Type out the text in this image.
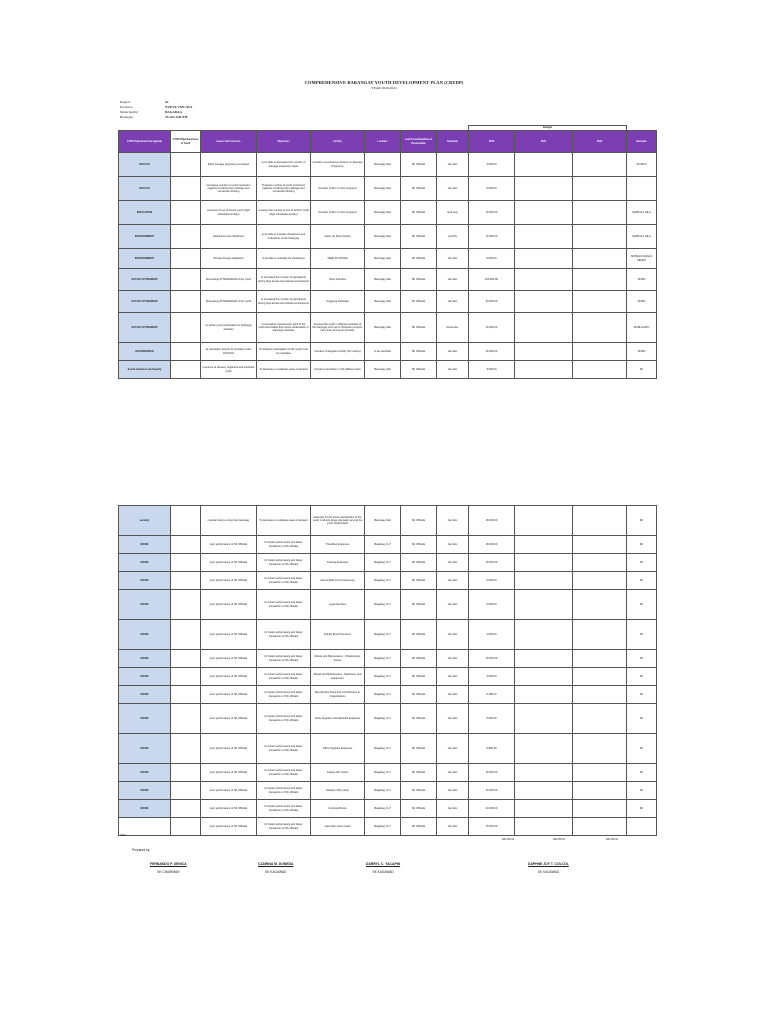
COMPREHENSIVE BARANGAY YOUTH DEVELOPMENT PLAN (CBYDP)
YEAR 2020-2022
Region:	02
Province:	NUEVA VIZCAYA
Municipality:	BAGABAG
Barangay:	TUAO SOUTH
								Budget			
CYDP Objectives/Area Agenda	CYDP Objectives/Area of Youth	Issues and Concerns	Objectives	Activity	Location	Lead Committee/Person Responsible	Schedule	2020	2021	2022	Remarks
HEALTH		Early teenage pregnancy increased	to be able to decreased the number of teenage pregnancy cases	Conduct a seminar/symposium on Teenage Pregnancy	Barangay Hall	SK Officials	Jan-Dec	3,000.00	3,000.00	3,000.00	SK/DOH
HEALTH		increasing number of youth involved in cigarette smoking and underage and vernacular drinking	To lessen number of youth involved in cigarette smoking and underage and vernacular drinking	Conduct of IEC on IGO programs	Barangay Hall	SK Officials	Jan-Dec	5,000.00	5,000.00	5,000.00	

EDUCATION		presence of out of school youth (high school/elementary)	to lessen the number of Out of School Youth (high school/elementary)	Conduct of IEC on ALS programs	Barangay Hall	SK Officials	april-may	15,000.00	15,000.00	15,000.00	SK/BLGU/ DILG
ENVIRONMENT		cleanliness and orderliness	to be able to maintain cleanliness and orderliness of the barangay	Clean Up Drive Activity	Barangay Hall	SK Officials	monthly	12,000.00	12,000.00	12,000.00	SK/BLGU/ DILG
ENVIRONMENT		climate change adaptation	to be able to maintain the cleanliness	TREE PLANTING	Barangay Hall	SK Officials	Jan-Dec	5,000.00	5,000.00	5,000.00	SK/BLGU/ ENGLS CENRO
ACTIVE CITIZENSHIP		Decreasing ATTENDANCE of the youth	to increased the number of participants during tripa actual and cultural events/sports	Sport Activities	Barangay Hall	SK Officials	Jan-Dec	200,000.00	200,000.00	200,000.00	SK/BO
ACTIVE CITIZENSHIP		Decreasing ATTENDANCE of the youth	to increased the number of participants during tripa actual and cultural events/sports	Linggoing Kabataan	Barangay Hall	SK Officials	Jan-Dec	30,000.00	30,000.00	30,000.00	SK/BO
ACTIVE CITIZENSHIP		no active youth participation in barangay activities	to strengthen volunteerism spirit of the youth and enable their active participation in barangay activities	Involved the youth in different activities of the barangay such as in christmas program, tuloy-tuloy and sport activities	Barangay Hall	SK Officials	December	40,000.00	40,000.00	40,000.00	SK/BLGU/DO
GOVERNANCE		sk mandatory activity as provided under RA10742	To enhance participation of the youth in all its mandates	Conduct of Regular monthly SK meeting	to be specified	SK Officials	Jan-Dec	20,000.00	20,000.00	20,000.00	SK/BO
Social Inclusion and Equity		presence of abused, neglected and exploited youth	To decrease or eradicate cases of abused	Conduct orientation on the different laws	Barangay Hall	SK Officials	Jan-Dec	9,000.00	9,000.00	9,000.00	SK
security		maintain being a drug free barangay	To decrease or eradicate cases of abused	advocate for the active participation of the youth in all anti-drugs campaign among the youth organization	Barangay Hall	SK Officials	Jan-Dec	18,000.00	18,000.00	18,000.00	SK
MOOE		poor performance of SK Officials	for better performance and faster transaction of SK officials	Travelling Expenses	Bagabag, N.V	SK Officials	Jan-Dec	18,000.00	18,000.00	18,000.00	SK
MOOE		poor performance of SK Officials	for better performance and faster transaction of SK officials	Training Expenses	Bagabag, N.V	SK Officials	Jan-Dec	20,000.00	20,000.00	20,000.00	SK
MOOE		poor performance of SK Officials	for better performance and faster transaction of SK officials	Accountable Forms Expenses	Bagabag, N.V	SK Officials	Jan-Dec	2,000.00	2,000.00	2,000.00	SK
MOOE		poor performance of SK Officials	for better performance and faster transaction of SK officials	Legal Services	Bagabag, N.V	SK Officials	Jan-Dec	2,000.00	2,000.00	2,000.00	SK
MOOE		poor performance of SK Officials	for better performance and faster transaction of SK officials	Fidelity Bond Premiums	Bagabag, N.V	SK Officials	Jan-Dec	2,000.00	2,000.00	2,000.00	SK
MOOE		poor performance of SK Officials	for better performance and faster transaction of SK officials	Repair and Maintenance - Infrastructure Assets	Bagabag, N.V	SK Officials	Jan-Dec	10,000.00	10,000.00	10,000.00	SK
MOOE		poor performance of SK Officials	for better performance and faster transaction of SK officials	Repair and Maintenance - Machinery and Equipment	Bagabag, N.V	SK Officials	Jan-Dec	3,000.00	3,000.00	3,000.00	SK
MOOE		poor performance of SK Officials	for better performance and faster transaction of SK officials	Membership Dues and Contributions to Organizations	Bagabag, N.V	SK Officials	Jan-Dec	6,189.62	6,189.62	6,189.62	SK
MOOE		poor performance of SK Officials	for better performance and faster transaction of SK officials	Other Supplies and Materials Expenses	Bagabag, N.V	SK Officials	Jan-Dec	5,000.00	5,000.00	5,000.00	SK
MOOE		poor performance of SK Officials	for better performance and faster transaction of SK officials	Office Supplies Expenses	Bagabag, N.V	SK Officials	Jan-Dec	5,865.40	5,865.40	5,865.40	SK
MOOE		poor performance of SK Officials	for better performance and faster transaction of SK officials	Laptop with printer	Bagabag, N.V	SK Officials	Jan-Dec	30,000.00	30,000.00	30,000.00	SK
MOOE		poor performance of SK Officials	for better performance and faster transaction of SK officials	Desktop with printer	Bagabag, N.V	SK Officials	Jan-Dec	30,000.00	30,000.00	30,000.00	SK
MOOE		poor performance of SK Officials	for better performance and faster transaction of SK officials	Furniture/fixture	Bagabag, N.V	SK Officials	Jan-Dec	10,000.00	10,000.00	10,000.00	SK
		poor performance of SK Officials	for better performance and faster transaction of SK officials	automatic score board	Bagabag, N.V	SK Officials	Jan-Dec	75,000.00	75,000.00	75,000.00	

600,055.02	600,055.02	600,055.02
Prepared by:
FERNANDO P. SENICA
SK CHAIRMAN
CZARINA M. DONEDA
SK KAGAWAD
DARRYL C. YACAPIN
SK KAGAWAD
DAPHNE JOY T. COLCOL
SK KAGAWAD
2018
